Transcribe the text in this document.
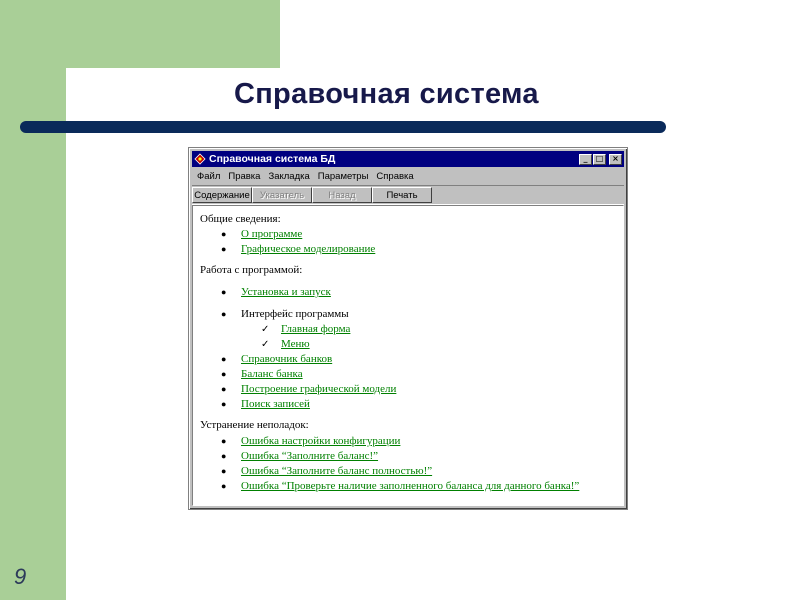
Справочная система
9
Справочная система БД	_	□	×
Файл Правка Закладка Параметры Справка
Содержание	Указатель	Назад	Печать
Общие сведения:
●	О программе
●	Графическое моделирование
Работа с программой:
●	Установка и запуск
●	Интерфейс программы
✓	Главная форма
✓	Меню
●	Справочник банков
●	Баланс банка
●	Построение графической модели
●	Поиск записей
Устранение неполадок:
●	Ошибка настройки конфигурации
●	Ошибка “Заполните баланс!”
●	Ошибка “Заполните баланс полностью!”
●	Ошибка “Проверьте наличие заполненного баланса для данного банка!”
